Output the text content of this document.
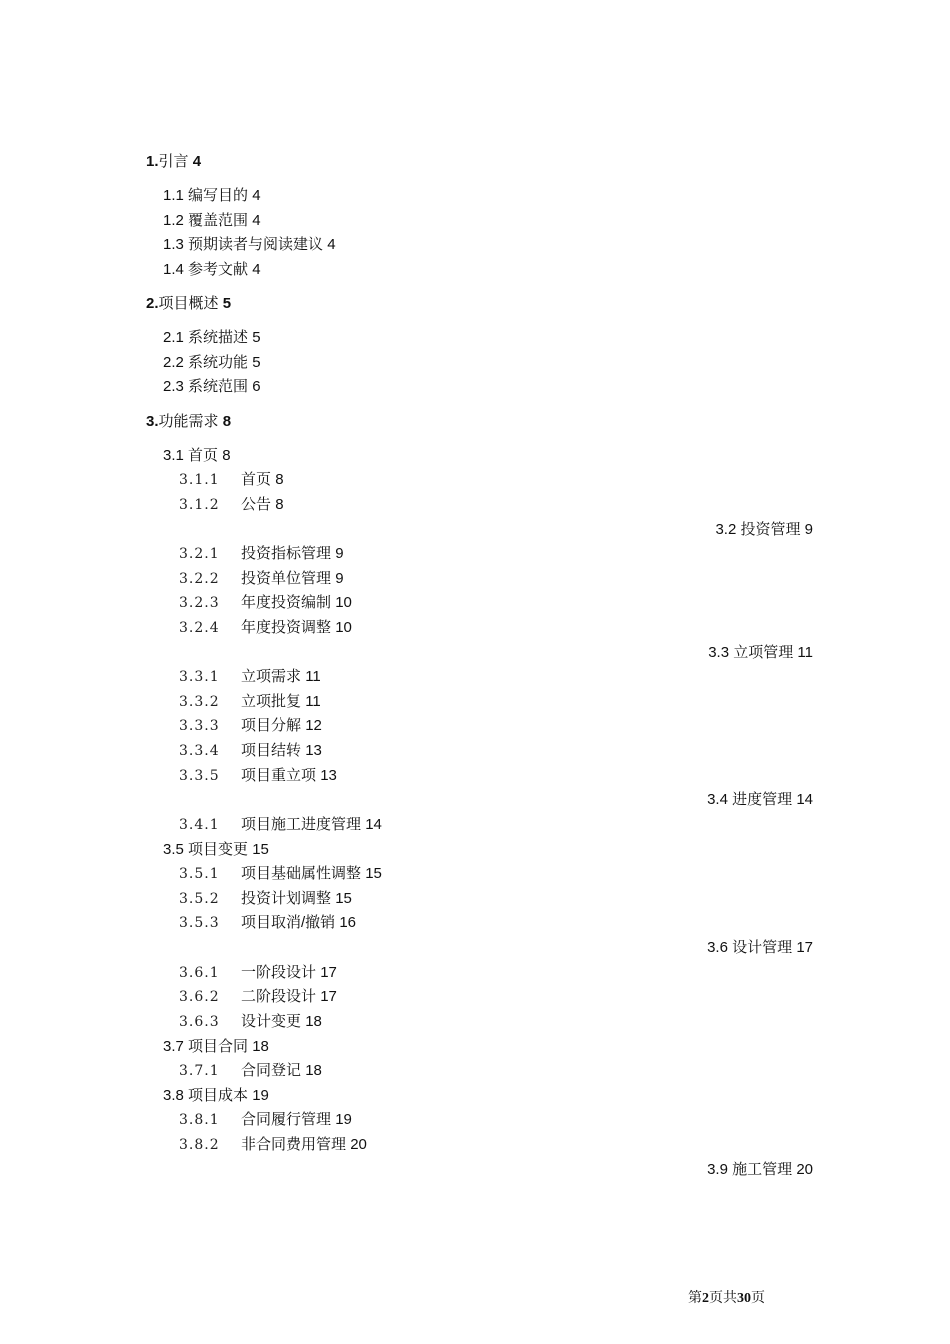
1.引言 4
1.1 编写目的 4
1.2 覆盖范围 4
1.3 预期读者与阅读建议 4
1.4 参考文献 4
2.项目概述 5
2.1 系统描述 5
2.2 系统功能 5
2.3 系统范围 6
3.功能需求 8
3.1 首页 8
3.1.1 首页 8
3.1.2 公告 8
3.2 投资管理 9
3.2.1 投资指标管理 9
3.2.2 投资单位管理 9
3.2.3 年度投资编制 10
3.2.4 年度投资调整 10
3.3 立项管理 11
3.3.1 立项需求 11
3.3.2 立项批复 11
3.3.3 项目分解 12
3.3.4 项目结转 13
3.3.5 项目重立项 13
3.4 进度管理 14
3.4.1 项目施工进度管理 14
3.5 项目变更 15
3.5.1 项目基础属性调整 15
3.5.2 投资计划调整 15
3.5.3 项目取消/撤销 16
3.6 设计管理 17
3.6.1 一阶段设计 17
3.6.2 二阶段设计 17
3.6.3 设计变更 18
3.7 项目合同 18
3.7.1 合同登记 18
3.8 项目成本 19
3.8.1 合同履行管理 19
3.8.2 非合同费用管理 20
3.9 施工管理 20
第2页共30页
